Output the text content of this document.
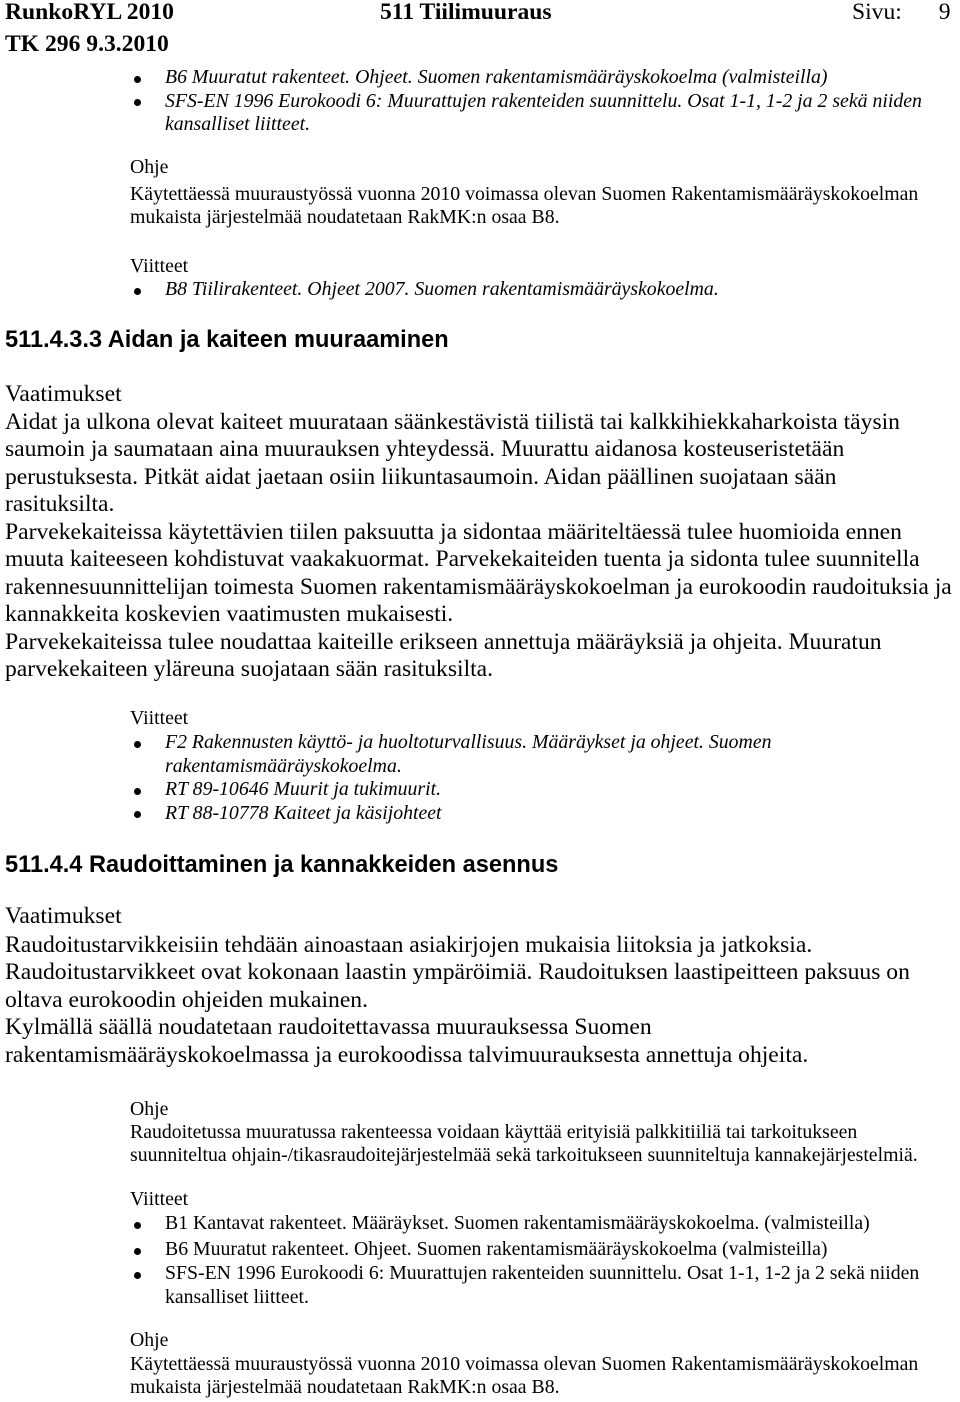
RunkoRYL 2010	511 Tiilimuuraus	Sivu: 9
TK 296 9.3.2010
B6 Muuratut rakenteet. Ohjeet. Suomen rakentamismääräyskokoelma (valmisteilla)
SFS-EN 1996 Eurokoodi 6: Muurattujen rakenteiden suunnittelu. Osat 1-1, 1-2 ja 2 sekä niiden
kansalliset liitteet.
Ohje
Käytettäessä muuraustyössä vuonna 2010 voimassa olevan Suomen Rakentamismääräyskokoelman
mukaista järjestelmää noudatetaan RakMK:n osaa B8.
Viitteet
B8 Tiilirakenteet. Ohjeet 2007. Suomen rakentamismääräyskokoelma.
511.4.3.3 Aidan ja kaiteen muuraaminen
Vaatimukset
Aidat ja ulkona olevat kaiteet muurataan säänkestävistä tiilistä tai kalkkihiekkaharkoista täysin
saumoin ja saumataan aina muurauksen yhteydessä. Muurattu aidanosa kosteuseristetään
perustuksesta. Pitkät aidat jaetaan osiin liikuntasaumoin. Aidan päällinen suojataan sään
rasituksilta.
Parvekekaiteissa käytettävien tiilen paksuutta ja sidontaa määriteltäessä tulee huomioida ennen
muuta kaiteeseen kohdistuvat vaakakuormat. Parvekekaiteiden tuenta ja sidonta tulee suunnitella
rakennesuunnittelijan toimesta Suomen rakentamismääräyskokoelman ja eurokoodin raudoituksia ja
kannakkeita koskevien vaatimusten mukaisesti.
Parvekekaiteissa tulee noudattaa kaiteille erikseen annettuja määräyksiä ja ohjeita. Muuratun
parvekekaiteen yläreuna suojataan sään rasituksilta.
Viitteet
F2 Rakennusten käyttö- ja huoltoturvallisuus. Määräykset ja ohjeet. Suomen
rakentamismääräyskokoelma.
RT 89-10646 Muurit ja tukimuurit.
RT 88-10778 Kaiteet ja käsijohteet
511.4.4 Raudoittaminen ja kannakkeiden asennus
Vaatimukset
Raudoitustarvikkeisiin tehdään ainoastaan asiakirjojen mukaisia liitoksia ja jatkoksia.
Raudoitustarvikkeet ovat kokonaan laastin ympäröimiä. Raudoituksen laastipeitteen paksuus on
oltava eurokoodin ohjeiden mukainen.
Kylmällä säällä noudatetaan raudoitettavassa muurauksessa Suomen
rakentamismääräyskokoelmassa ja eurokoodissa talvimuurauksesta annettuja ohjeita.
Ohje
Raudoitetussa muuratussa rakenteessa voidaan käyttää erityisiä palkkitiiliä tai tarkoitukseen
suunniteltua ohjain-/tikasraudoitejärjestelmää sekä tarkoitukseen suunniteltuja kannakejärjestelmiä.
Viitteet
B1 Kantavat rakenteet. Määräykset. Suomen rakentamismääräyskokoelma. (valmisteilla)
B6 Muuratut rakenteet. Ohjeet. Suomen rakentamismääräyskokoelma (valmisteilla)
SFS-EN 1996 Eurokoodi 6: Muurattujen rakenteiden suunnittelu. Osat 1-1, 1-2 ja 2 sekä niiden
kansalliset liitteet.
Ohje
Käytettäessä muuraustyössä vuonna 2010 voimassa olevan Suomen Rakentamismääräyskokoelman
mukaista järjestelmää noudatetaan RakMK:n osaa B8.
